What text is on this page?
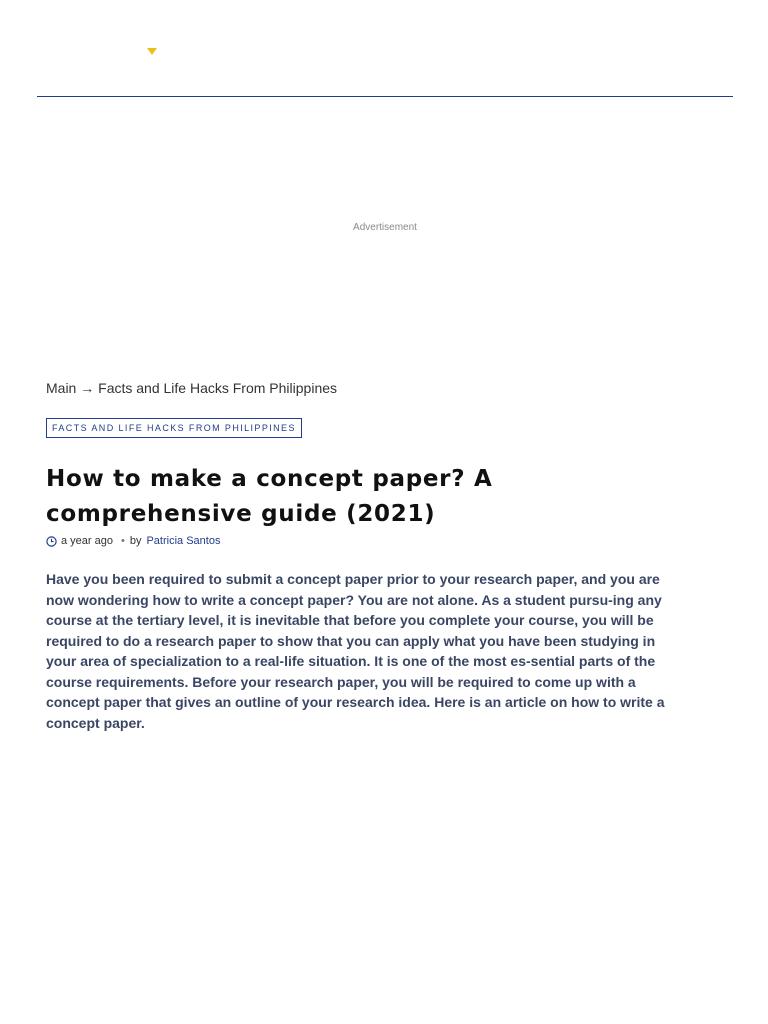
Advertisement
Main → Facts and Life Hacks From Philippines
FACTS AND LIFE HACKS FROM PHILIPPINES
How to make a concept paper? A comprehensive guide (2021)
a year ago • by Patricia Santos

Have you been required to submit a concept paper prior to your research paper, and you are now wondering how to write a concept paper? You are not alone. As a student pursu-ing any course at the tertiary level, it is inevitable that before you complete your course, you will be required to do a research paper to show that you can apply what you have been studying in your area of specialization to a real-life situation. It is one of the most es-sential parts of the course requirements. Before your research paper, you will be required to come up with a concept paper that gives an outline of your research idea. Here is an article on how to write a concept paper.
